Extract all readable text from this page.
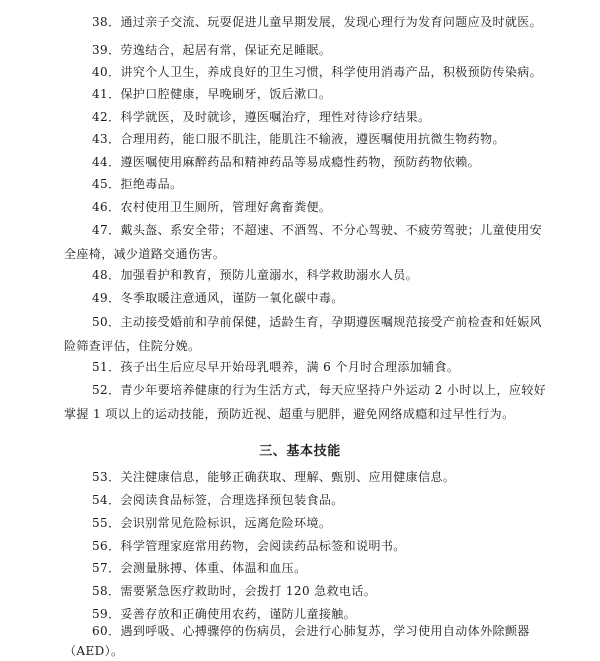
38．通过亲子交流、玩耍促进儿童早期发展，发现心理行为发育问题应及时就医。
39．劳逸结合，起居有常，保证充足睡眠。
40．讲究个人卫生，养成良好的卫生习惯，科学使用消毒产品，积极预防传染病。
41．保护口腔健康，早晚刷牙，饭后漱口。
42．科学就医，及时就诊，遵医嘱治疗，理性对待诊疗结果。
43．合理用药，能口服不肌注，能肌注不输液，遵医嘱使用抗微生物药物。
44．遵医嘱使用麻醉药品和精神药品等易成瘾性药物，预防药物依赖。
45．拒绝毒品。
46．农村使用卫生厕所，管理好禽畜粪便。
47．戴头盔、系安全带；不超速、不酒驾、不分心驾驶、不疲劳驾驶；儿童使用安全座椅，减少道路交通伤害。
48．加强看护和教育，预防儿童溺水，科学救助溺水人员。
49．冬季取暖注意通风，谨防一氧化碳中毒。
50．主动接受婚前和孕前保健，适龄生育，孕期遵医嘱规范接受产前检查和妊娠风险筛查评估，住院分娩。
51．孩子出生后应尽早开始母乳喂养，满 6 个月时合理添加辅食。
52．青少年要培养健康的行为生活方式，每天应坚持户外运动 2 小时以上，应较好掌握 1 项以上的运动技能，预防近视、超重与肥胖，避免网络成瘾和过早性行为。
三、基本技能
53．关注健康信息，能够正确获取、理解、甄别、应用健康信息。
54．会阅读食品标签，合理选择预包装食品。
55．会识别常见危险标识，远离危险环境。
56．科学管理家庭常用药物，会阅读药品标签和说明书。
57．会测量脉搏、体重、体温和血压。
58．需要紧急医疗救助时，会拨打 120 急救电话。
59．妥善存放和正确使用农药，谨防儿童接触。
60．遇到呼吸、心搏骤停的伤病员，会进行心肺复苏，学习使用自动体外除颤器（AED）。
